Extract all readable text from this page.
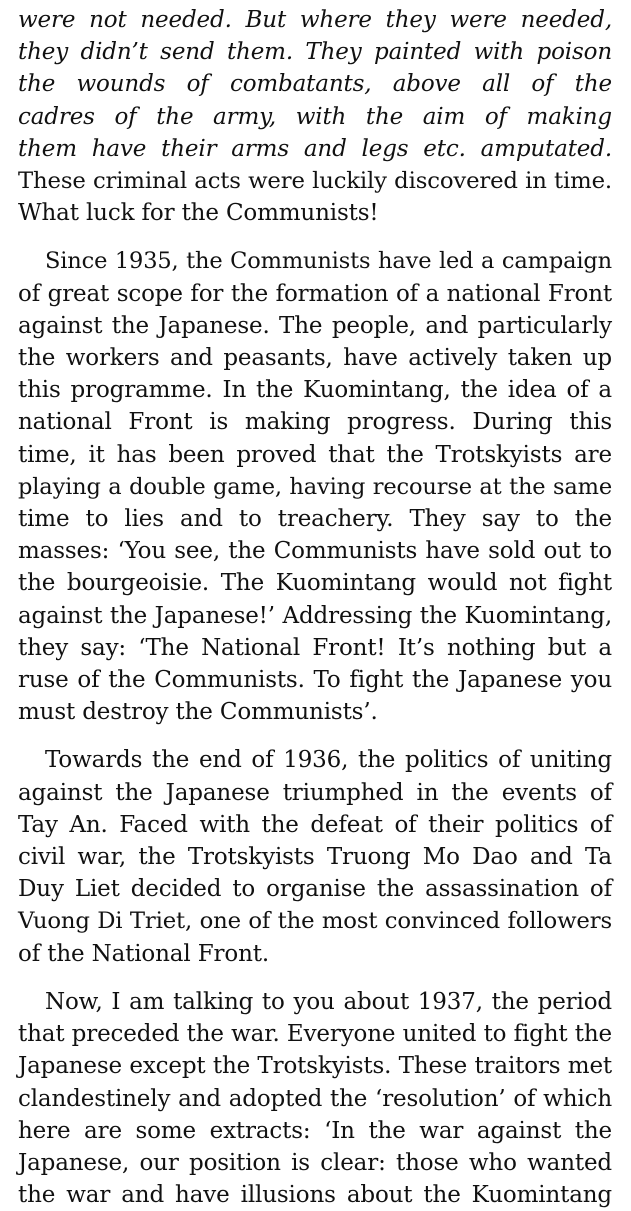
were not needed. But where they were needed,
they didn’t send them. They painted with poison
the wounds of combatants, above all of the
cadres of the army, with the aim of making
them have their arms and legs etc. amputated.
These criminal acts were luckily discovered in time.
What luck for the Communists!
Since 1935, the Communists have led a campaign
of great scope for the formation of a national Front
against the Japanese. The people, and particularly
the workers and peasants, have actively taken up
this programme. In the Kuomintang, the idea of a
national Front is making progress. During this
time, it has been proved that the Trotskyists are
playing a double game, having recourse at the same
time to lies and to treachery. They say to the
masses: ‘You see, the Communists have sold out to
the bourgeoisie. The Kuomintang would not fight
against the Japanese!’ Addressing the Kuomintang,
they say: ‘The National Front! It’s nothing but a
ruse of the Communists. To fight the Japanese you
must destroy the Communists’.
Towards the end of 1936, the politics of uniting
against the Japanese triumphed in the events of
Tay An. Faced with the defeat of their politics of
civil war, the Trotskyists Truong Mo Dao and Ta
Duy Liet decided to organise the assassination of
Vuong Di Triet, one of the most convinced followers
of the National Front.
Now, I am talking to you about 1937, the period
that preceded the war. Everyone united to fight the
Japanese except the Trotskyists. These traitors met
clandestinely and adopted the ‘resolution’ of which
here are some extracts: ‘In the war against the
Japanese, our position is clear: those who wanted
the war and have illusions about the Kuomintang
